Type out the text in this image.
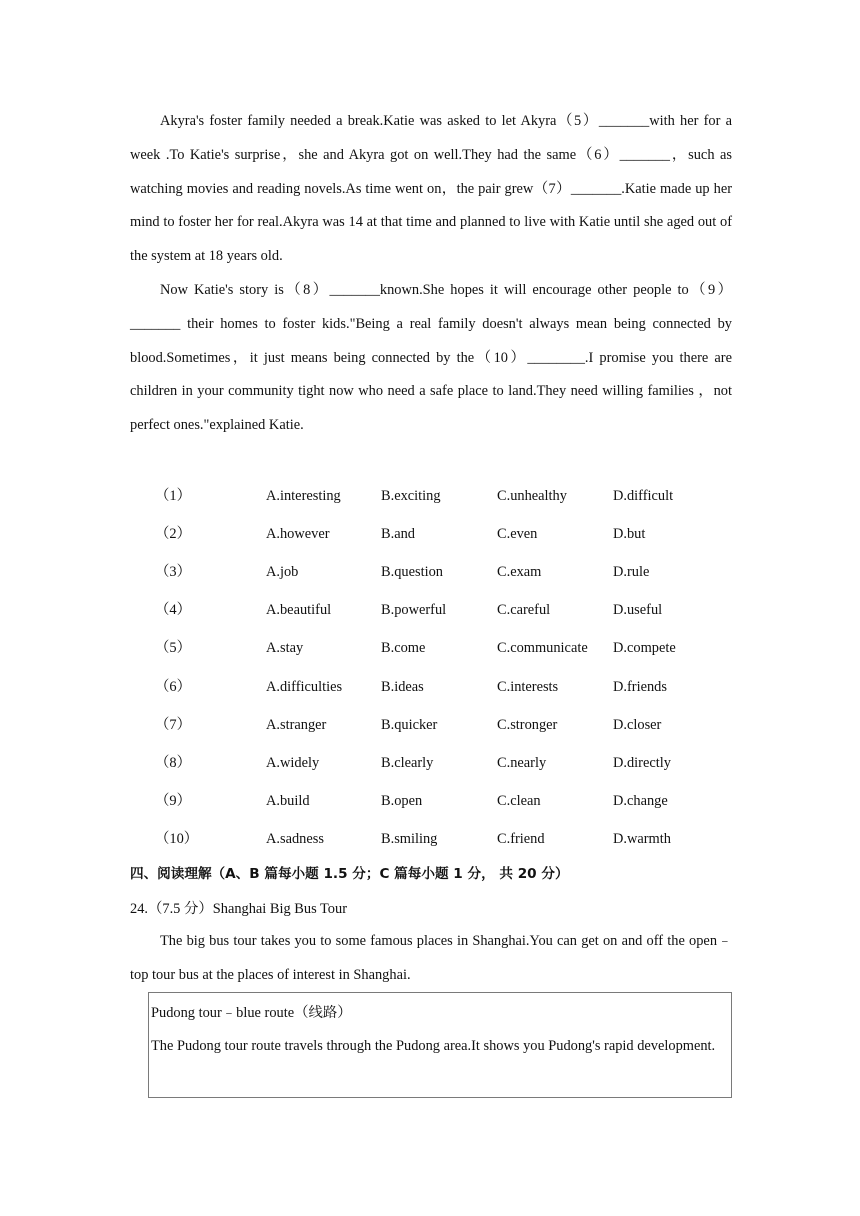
Akyra's foster family needed a break.Katie was asked to let Akyra（5）_______with her for a week .To Katie's surprise，she and Akyra got on well.They had the same（6）_______，such as watching movies and reading novels.As time went on，the pair grew（7）_______.Katie made up her mind to foster her for real.Akyra was 14 at that time and planned to live with Katie until she aged out of the system at 18 years old.

Now Katie's story is（8）_______known.She hopes it will encourage other people to（9）_______ their homes to foster kids."Being a real family doesn't always mean being connected by blood.Sometimes，it just means being connected by the（10）________.I promise you there are children in your community tight now who need a safe place to land.They need willing families ，not perfect ones."explained Katie.

（1）	A.interesting	B.exciting	C.unhealthy	D.difficult
（2）	A.however	B.and	C.even	D.but
（3）	A.job	B.question	C.exam	D.rule
（4）	A.beautiful	B.powerful	C.careful	D.useful
（5）	A.stay	B.come	C.communicate D.compete
（6）	A.difficulties	B.ideas	C.interests	D.friends
（7）	A.stranger	B.quicker	C.stronger	D.closer
（8）	A.widely	B.clearly	C.nearly	D.directly
（9）	A.build	B.open	C.clean	D.change
（10）	A.sadness	B.smiling	C.friend	D.warmth
四、阅读理解（A、B 篇每小题 1.5 分；C 篇每小题 1 分， 共 20 分）
24.（7.5 分）Shanghai Big Bus Tour

The big bus tour takes you to some famous places in Shanghai.You can get on and off the open﹣top tour bus at the places of interest in Shanghai.

Pudong tour﹣blue route（线路）

The Pudong tour route travels through the Pudong area.It shows you Pudong's rapid development.
